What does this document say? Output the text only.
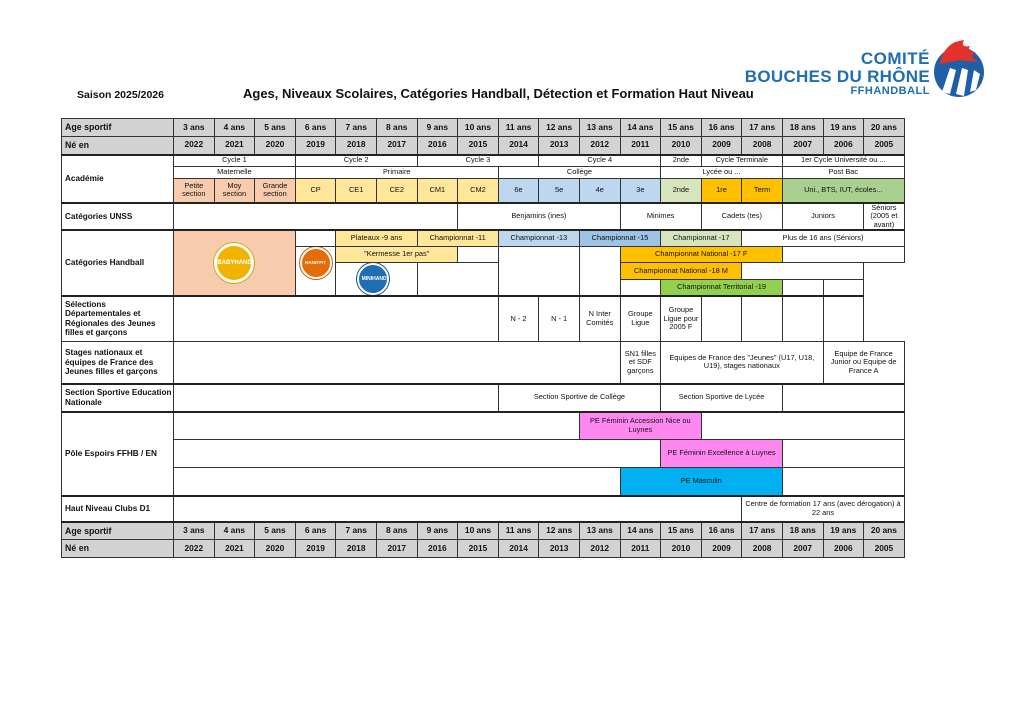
Saison 2025/2026	Ages, Niveaux Scolaires, Catégories Handball, Détection et Formation Haut Niveau
COMITÉ
BOUCHES DU RHÔNE
FFHANDBALL
Age sportif	3 ans	4 ans	5 ans	6 ans	7 ans	8 ans	9 ans	10 ans	11 ans	12 ans	13 ans	14 ans	15 ans	16 ans	17 ans	18 ans	19 ans	20 ans
Né en	2022	2021	2020	2019	2018	2017	2016	2015	2014	2013	2012	2011	2010	2009	2008	2007	2006	2005
Académie	Cycle 1			Cycle 2			Cycle 3			Cycle 4			2nde	Cycle Terminale		1er Cycle Université ou ...		
	Maternelle			Primaire					Collège				Lycée ou ...			Post Bac		
	Petite section	Moy section	Grande section	CP	CE1	CE2	CM1	CM2	6e	5e	4e	3e	2nde	1re	Term	Uni., BTS, IUT, écoles...		
Catégories UNSS								Benjamins (ines)				Minimes		Cadets (tes)		Juniors		Séniors (2005 et avant)
Catégories Handball	BABYHAND				Plateaux -9 ans		Championnat -11		Championnat -13		Championnat -15		Championnat -17		Plus de 16 ans (Séniors)			
				HAND'FIT KIDS	"Kermesse 1er pas"							Championnat National -17 F						
					MINIHAND							Championnat National -18 M						
													Championnat Territorial -19					
Sélections Départementales et Régionales des Jeunes filles et garçons									N - 2	N - 1	N Inter Comités	Groupe Ligue	Groupe Ligue pour 2005 F					
Stages nationaux et équipes de France des Jeunes filles et garçons												SN1 filles et SDF garçons	Equipes de France des "Jeunes" (U17, U18, U19), stages nationaux				Equipe de France Junior ou Equipe de France A	
Section Sportive Education Nationale									Section Sportive de Collège				Section Sportive de Lycée					
Pôle Espoirs FFHB / EN											PE Féminin Accession Nice ou Luynes							
													PE Féminin Excellence à Luynes					
												PE Masculin						
Haut Niveau Clubs D1															Centre de formation 17 ans (avec dérogation) à 22 ans			
Age sportif	3 ans	4 ans	5 ans	6 ans	7 ans	8 ans	9 ans	10 ans	11 ans	12 ans	13 ans	14 ans	15 ans	16 ans	17 ans	18 ans	19 ans	20 ans
Né en	2022	2021	2020	2019	2018	2017	2016	2015	2014	2013	2012	2011	2010	2009	2008	2007	2006	2005
